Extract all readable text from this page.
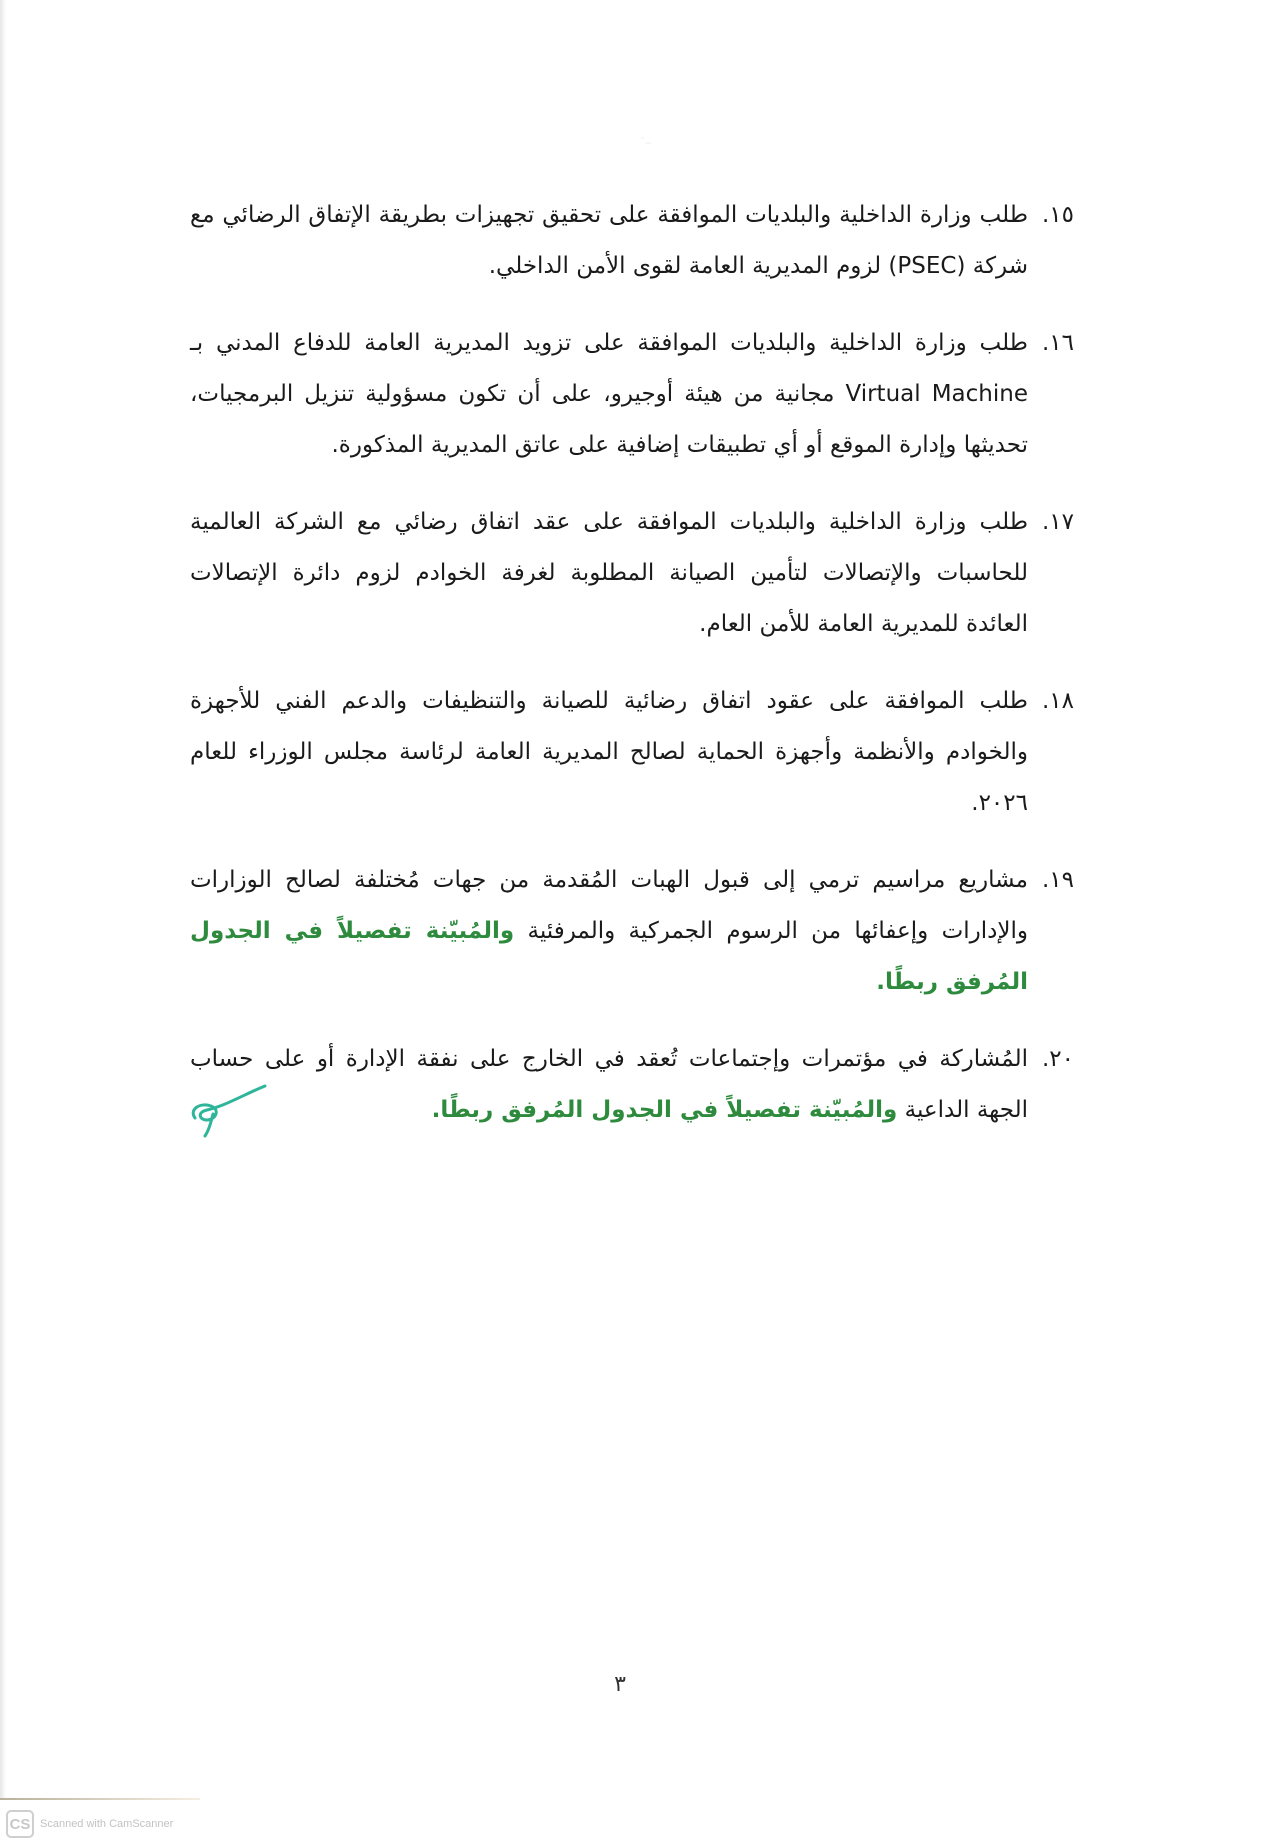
·ـ
١٥.

طلب وزارة الداخلية والبلديات الموافقة على تحقيق تجهيزات بطريقة الإتفاق الرضائي مع شركة (PSEC) لزوم المديرية العامة لقوى الأمن الداخلي.

١٦.

طلب وزارة الداخلية والبلديات الموافقة على تزويد المديرية العامة للدفاع المدني بـ Virtual Machine مجانية من هيئة أوجيرو، على أن تكون مسؤولية تنزيل البرمجيات، تحديثها وإدارة الموقع أو أي تطبيقات إضافية على عاتق المديرية المذكورة.

١٧.

طلب وزارة الداخلية والبلديات الموافقة على عقد اتفاق رضائي مع الشركة العالمية للحاسبات والإتصالات لتأمين الصيانة المطلوبة لغرفة الخوادم لزوم دائرة الإتصالات العائدة للمديرية العامة للأمن العام.

١٨.

طلب الموافقة على عقود اتفاق رضائية للصيانة والتنظيفات والدعم الفني للأجهزة والخوادم والأنظمة وأجهزة الحماية لصالح المديرية العامة لرئاسة مجلس الوزراء للعام ٢٠٢٦.

١٩.

مشاريع مراسيم ترمي إلى قبول الهبات المُقدمة من جهات مُختلفة لصالح الوزارات والإدارات وإعفائها من الرسوم الجمركية والمرفئية والمُبيّنة تفصيلاً في الجدول المُرفق ربطًا.

٢٠.

المُشاركة في مؤتمرات وإجتماعات تُعقد في الخارج على نفقة الإدارة أو على حساب الجهة الداعية والمُبيّنة تفصيلاً في الجدول المُرفق ربطًا.

٣
CS Scanned with CamScanner
